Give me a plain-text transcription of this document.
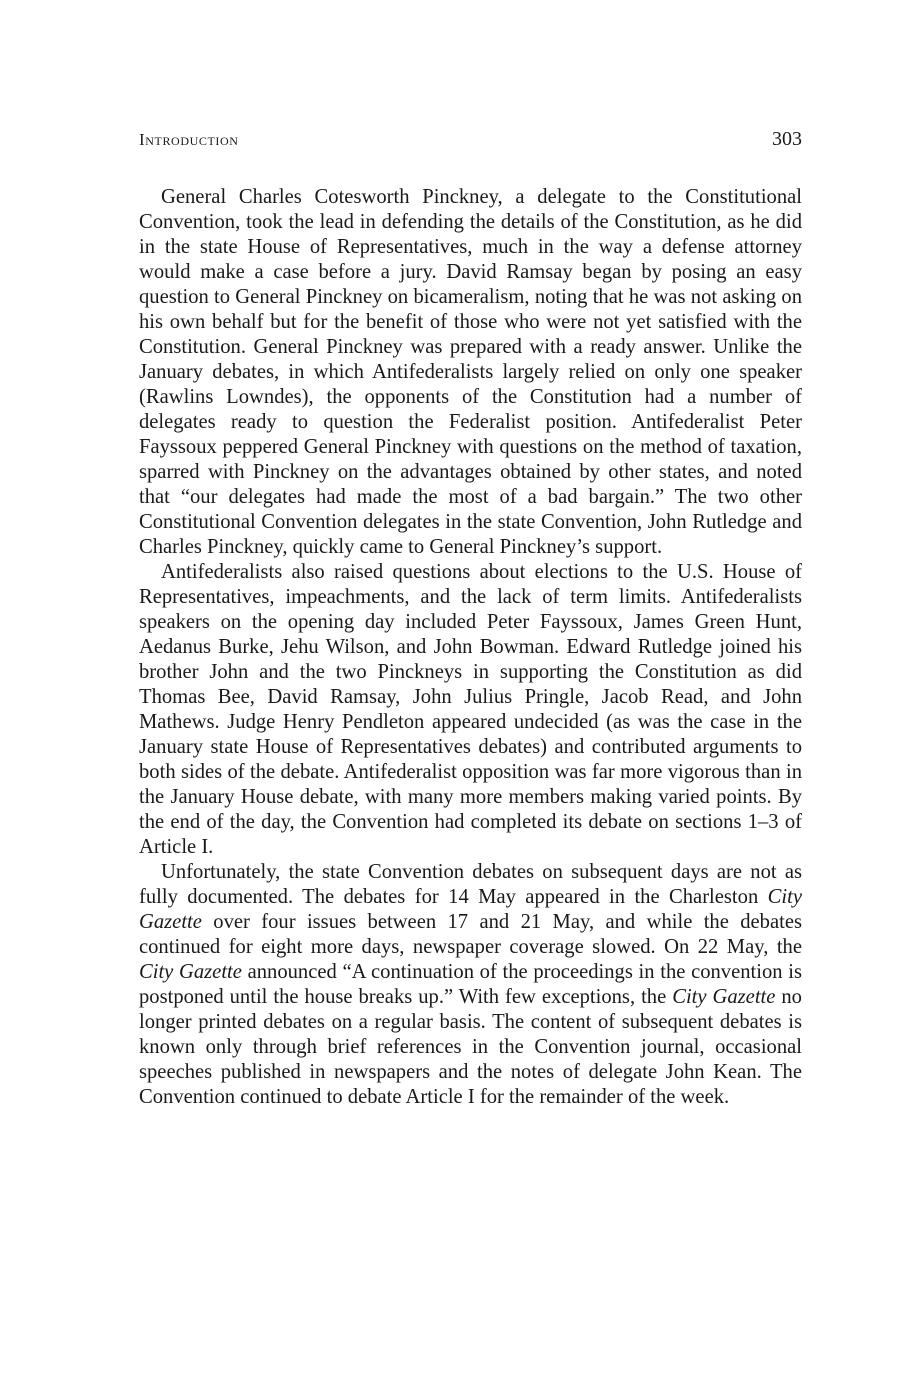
Introduction	303

General Charles Cotesworth Pinckney, a delegate to the Constitutional Convention, took the lead in defending the details of the Constitution, as he did in the state House of Representatives, much in the way a defense attorney would make a case before a jury. David Ramsay began by posing an easy question to General Pinckney on bicameralism, noting that he was not asking on his own behalf but for the benefit of those who were not yet satisfied with the Constitution. General Pinckney was prepared with a ready answer. Unlike the January debates, in which Antifederalists largely relied on only one speaker (Rawlins Lowndes), the opponents of the Constitution had a number of delegates ready to question the Federalist position. Antifederalist Peter Fayssoux peppered General Pinckney with questions on the method of taxation, sparred with Pinckney on the advantages obtained by other states, and noted that “our delegates had made the most of a bad bargain.” The two other Constitutional Convention delegates in the state Convention, John Rutledge and Charles Pinckney, quickly came to General Pinckney’s support.

Antifederalists also raised questions about elections to the U.S. House of Representatives, impeachments, and the lack of term limits. Antifederalists speakers on the opening day included Peter Fayssoux, James Green Hunt, Aedanus Burke, Jehu Wilson, and John Bowman. Edward Rutledge joined his brother John and the two Pinckneys in supporting the Constitution as did Thomas Bee, David Ramsay, John Julius Pringle, Jacob Read, and John Mathews. Judge Henry Pendleton appeared undecided (as was the case in the January state House of Representatives debates) and contributed arguments to both sides of the debate. Antifederalist opposition was far more vigorous than in the January House debate, with many more members making varied points. By the end of the day, the Convention had completed its debate on sections 1–3 of Article I.

Unfortunately, the state Convention debates on subsequent days are not as fully documented. The debates for 14 May appeared in the Charleston City Gazette over four issues between 17 and 21 May, and while the debates continued for eight more days, newspaper coverage slowed. On 22 May, the City Gazette announced “A continuation of the proceedings in the convention is postponed until the house breaks up.” With few exceptions, the City Gazette no longer printed debates on a regular basis. The content of subsequent debates is known only through brief references in the Convention journal, occasional speeches published in newspapers and the notes of delegate John Kean. The Convention continued to debate Article I for the remainder of the week.
